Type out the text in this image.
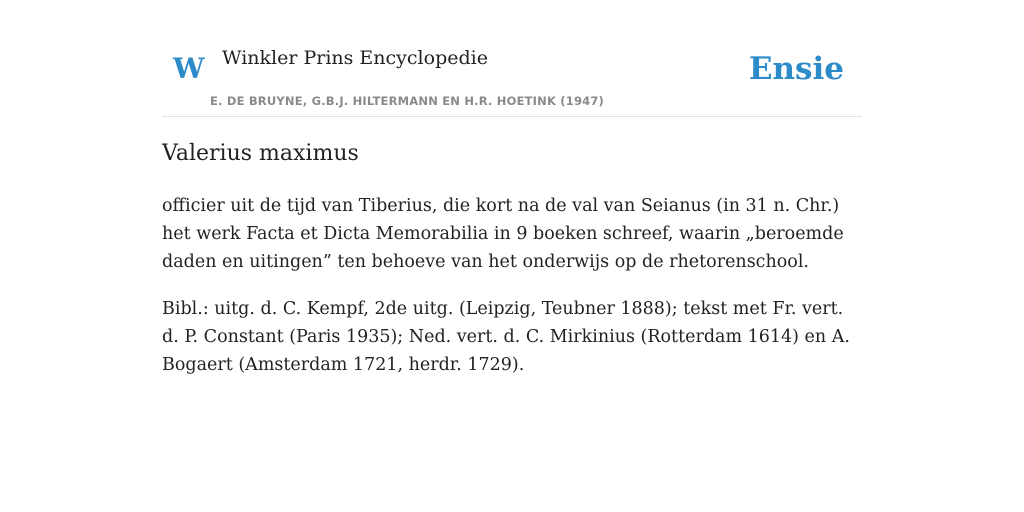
W Winkler Prins Encyclopedie
E. DE BRUYNE, G.B.J. HILTERMANN EN H.R. HOETINK (1947)
Ensie
Valerius maximus

officier uit de tijd van Tiberius, die kort na de val van Seianus (in 31 n. Chr.) het werk Facta et Dicta Memorabilia in 9 boeken schreef, waarin „beroemde daden en uitingen” ten behoeve van het onderwijs op de rhetorenschool.

Bibl.: uitg. d. C. Kempf, 2de uitg. (Leipzig, Teubner 1888); tekst met Fr. vert. d. P. Constant (Paris 1935); Ned. vert. d. C. Mirkinius (Rotterdam 1614) en A. Bogaert (Amsterdam 1721, herdr. 1729).
